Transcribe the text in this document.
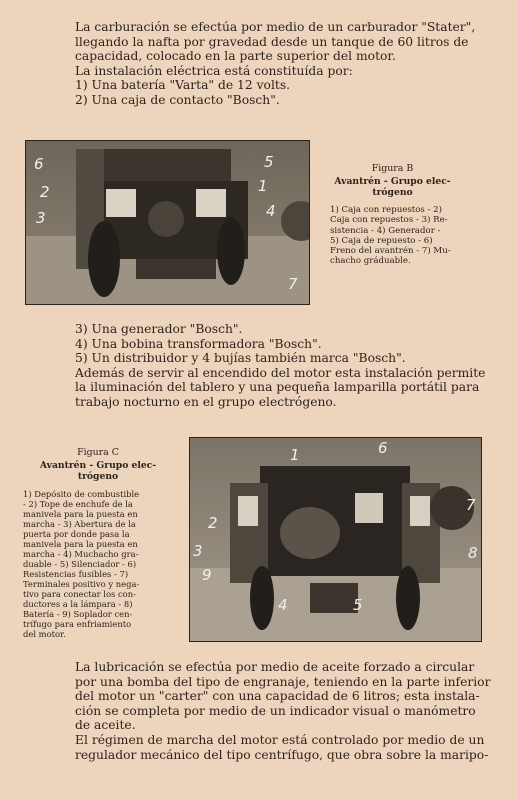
La carburación se efectúa por medio de un carburador "Stater",
llegando la nafta por gravedad desde un tanque de 60 litros de
capacidad, colocado en la parte superior del motor.
La instalación eléctrica está constituída por:
1) Una batería "Varta" de 12 volts.
2) Una caja de contacto "Bosch".
6	5
2	1
3	4
7
Figura B
Avantrén - Grupo elec-
trógeno
1) Caja con repuestos - 2)
Caja con repuestos - 3) Re-
sistencia - 4) Generador -
5) Caja de repuesto - 6)
Freno del avantrén - 7) Mu-
chacho gráduable.
3) Una generador "Bosch".
4) Una bobina transformadora "Bosch".
5) Un distribuidor y 4 bujías también marca "Bosch".
Además de servir al encendido del motor esta instalación permite
la iluminación del tablero y una pequeña lamparilla portátil para
trabajo nocturno en el grupo electrógeno.
Figura C
Avantrén - Grupo elec-
trógeno
1) Depósito de combustible
- 2) Tope de enchufe de la
manivela para la puesta en
marcha - 3) Abertura de la
puerta por donde pasa la
manivela para la puesta en
marcha - 4) Muchacho gra-
duable - 5) Silenciador - 6)
Resistencias fusibles - 7)
Terminales positivo y nega-
tivo para conectar los con-
ductores a la lámpara - 8)
Batería - 9) Soplador cen-
trífugo para enfriamiento
del motor.
1	6
2
7
3	8
9
4	5
La lubricación se efectúa por medio de aceite forzado a circular
por una bomba del tipo de engranaje, teniendo en la parte inferior
del motor un "carter" con una capacidad de 6 litros; esta instala-
ción se completa por medio de un indicador visual o manómetro
de aceite.
El régimen de marcha del motor está controlado por medio de un
regulador mecánico del tipo centrífugo, que obra sobre la maripo-
